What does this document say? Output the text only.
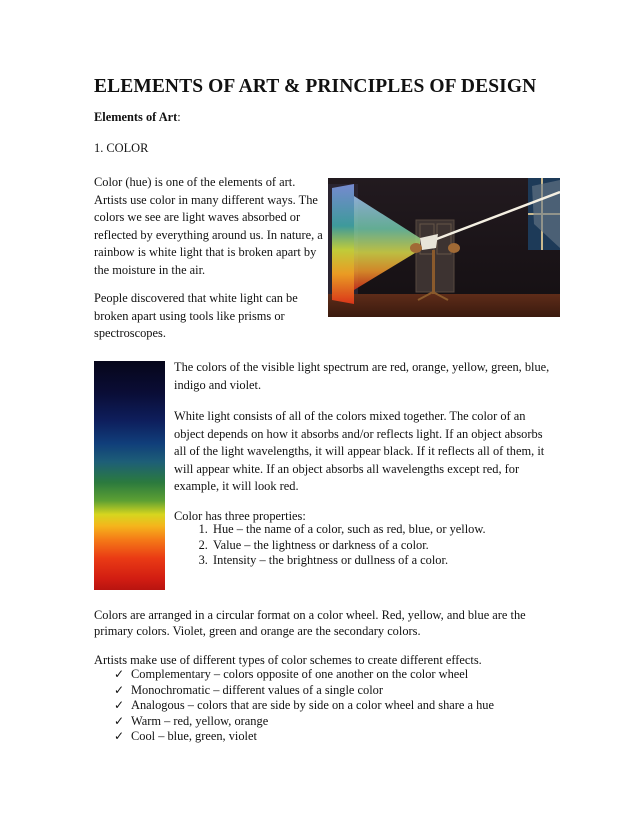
ELEMENTS OF ART & PRINCIPLES OF DESIGN
Elements of Art:
1. COLOR
Color (hue) is one of the elements of art. Artists use color in many different ways. The colors we see are light waves absorbed or reflected by everything around us. In nature, a rainbow is white light that is broken apart by the moisture in the air.
People discovered that white light can be broken apart using tools like prisms or spectroscopes.
The colors of the visible light spectrum are red, orange, yellow, green, blue, indigo and violet.
White light consists of all of the colors mixed together. The color of an object depends on how it absorbs and/or reflects light. If an object absorbs all of the light wavelengths, it will appear black. If it reflects all of them, it will appear white. If an object absorbs all wavelengths except red, for example, it will look red.
Color has three properties:
1. Hue – the name of a color, such as red, blue, or yellow.
2. Value – the lightness or darkness of a color.
3. Intensity – the brightness or dullness of a color.
Colors are arranged in a circular format on a color wheel. Red, yellow, and blue are the primary colors. Violet, green and orange are the secondary colors.
Artists make use of different types of color schemes to create different effects.
✓ Complementary – colors opposite of one another on the color wheel
✓ Monochromatic – different values of a single color
✓ Analogous – colors that are side by side on a color wheel and share a hue
✓ Warm – red, yellow, orange
✓ Cool – blue, green, violet
